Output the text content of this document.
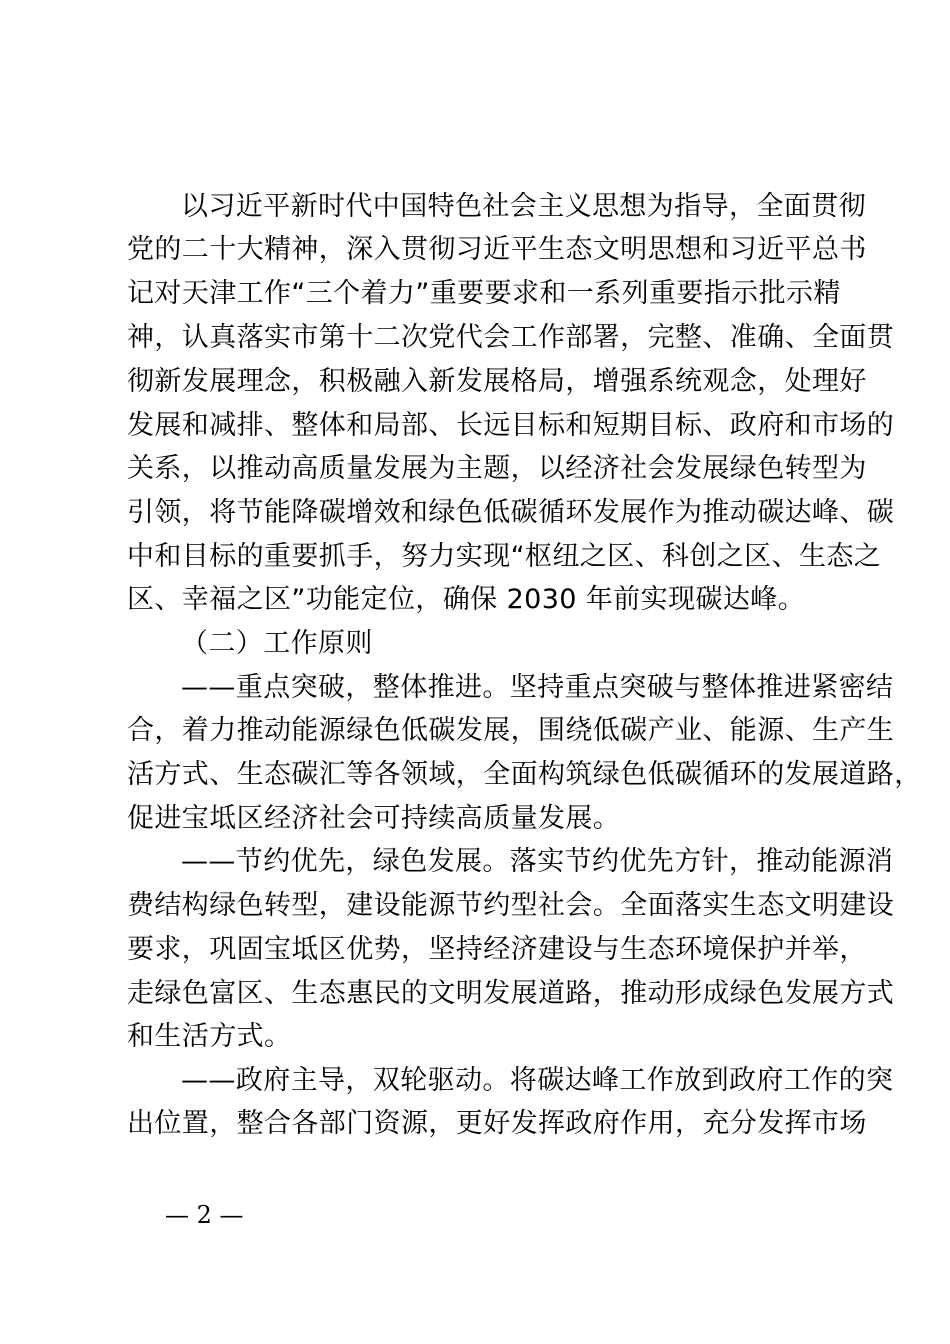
以习近平新时代中国特色社会主义思想为指导，全面贯彻
党的二十大精神，深入贯彻习近平生态文明思想和习近平总书
记对天津工作“三个着力”重要要求和一系列重要指示批示精
神，认真落实市第十二次党代会工作部署，完整、准确、全面贯
彻新发展理念，积极融入新发展格局，增强系统观念，处理好
发展和减排、整体和局部、长远目标和短期目标、政府和市场的
关系，以推动高质量发展为主题，以经济社会发展绿色转型为
引领，将节能降碳增效和绿色低碳循环发展作为推动碳达峰、碳
中和目标的重要抓手，努力实现“枢纽之区、科创之区、生态之
区、幸福之区”功能定位，确保 2030 年前实现碳达峰。
（二）工作原则
——重点突破，整体推进。坚持重点突破与整体推进紧密结
合，着力推动能源绿色低碳发展，围绕低碳产业、能源、生产生
活方式、生态碳汇等各领域，全面构筑绿色低碳循环的发展道路，
促进宝坻区经济社会可持续高质量发展。
——节约优先，绿色发展。落实节约优先方针，推动能源消
费结构绿色转型，建设能源节约型社会。全面落实生态文明建设
要求，巩固宝坻区优势，坚持经济建设与生态环境保护并举，
走绿色富区、生态惠民的文明发展道路，推动形成绿色发展方式
和生活方式。
——政府主导，双轮驱动。将碳达峰工作放到政府工作的突
出位置，整合各部门资源，更好发挥政府作用，充分发挥市场
— 2 —
